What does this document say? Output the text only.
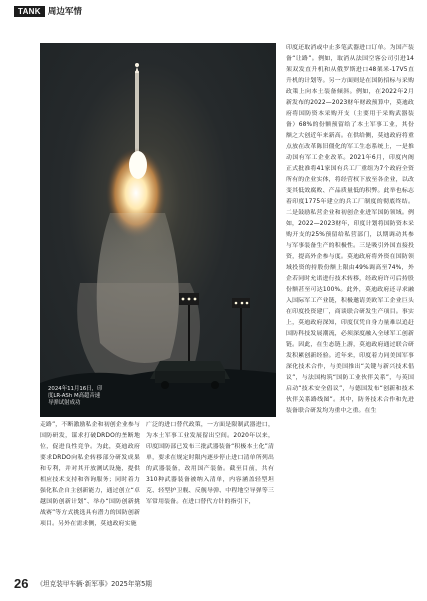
TANK 周边军情
2024年11月16日，印
度LR-ASh M高超音速
导弹试射成功

印度还取消或中止多笔武器进口订单。为国产装备“让路”。例如，取消从法国空客公司引进14架双发直升机和从俄罗斯进口48架米-17V5直升机的计划等。另一方面则是在国防招标与采购政策上向本土装备倾斜。例如，在2022年2月新发布的2022—2023财年财政预算中，莫迪政府将国防资本采购开支（主要用于采购武器装备）68%的份额预留给了本土军事工业，其份额之大创近年来新高。在供给侧，莫迪政府将重点放在改革陈旧僵化的军工生态系统上，一是推动国有军工企业改革。2021年6月，印度内阁正式批准将41家国有兵工厂重组为7个政府全资所有的企业实体，将经营权下放至各企业，以改变其低效腐败、产品质量低的积弊。此举也标志着印度1775年建立的兵工厂制度的彻底终结。二是鼓励私营企业和初创企业进军国防领域。例如，2022—2023财年，印度计划将国防资本采购开支的25%预留给私营部门，以期调动其参与军事装备生产的积极性。三是吸引外国直接投资，提高外企参与度。莫迪政府将外资在国防领域投资的持股份额上限由49%调高至74%，外企若同时允诺进行技术转移，经政府许可后持股份额甚至可达100%。此外，莫迪政府还寻求融入国际军工产业链，积极邀请美欧军工企业巨头在印度投资建厂，商谈联合研发生产项目。事实上，莫迪政府深知，印度仅凭自身力量难以追赶国防科技发展潮流，必须深度融入全球军工创新链。因此，在生态链上游，莫迪政府通过联合研发积累创新经验。近年来，印度着力同美国军事深化技术合作，与美国推出“关键与新兴技术倡议”，与法国构筑“国防工业伙伴关系”，与英国启动“技术安全倡议”，与德国发布“创新和技术伙伴关系路线图”。其中，防务技术合作和先进装备联合研发均为重中之重。在生

走路”，不断激励私企和初创企业参与国防研发，谋求打破DRDO的垄断地位，促进良性竞争。为此，莫迪政府要求DRDO向私企转移部分研发成果和专利，并对其开放测试设施，提供相应技术支持和咨询服务；同时着力强化私企自主创新能力，通过创立“卓越国防创新计划”、举办“国防创新挑战赛”等方式挑选具有潜力的国防创新项目。另外在需求侧，莫迪政府实施

广泛的进口替代政策，一方面是限制武器进口，为本土军事工业发展留出空间。2020年以来，印度国防部已发布三批武器装备“积极本土化”清单，要求在规定时限内逐步停止进口清单所列出的武器装备，改用国产装备。截至目前，共有310种武器装备被纳入清单，内容涵盖轻型坦克、轻型护卫舰、反舰导弹、中程地空导弹等三军常用装备。在进口替代方针的指引下，

26 《坦克装甲车辆·新军事》2025年第5期
